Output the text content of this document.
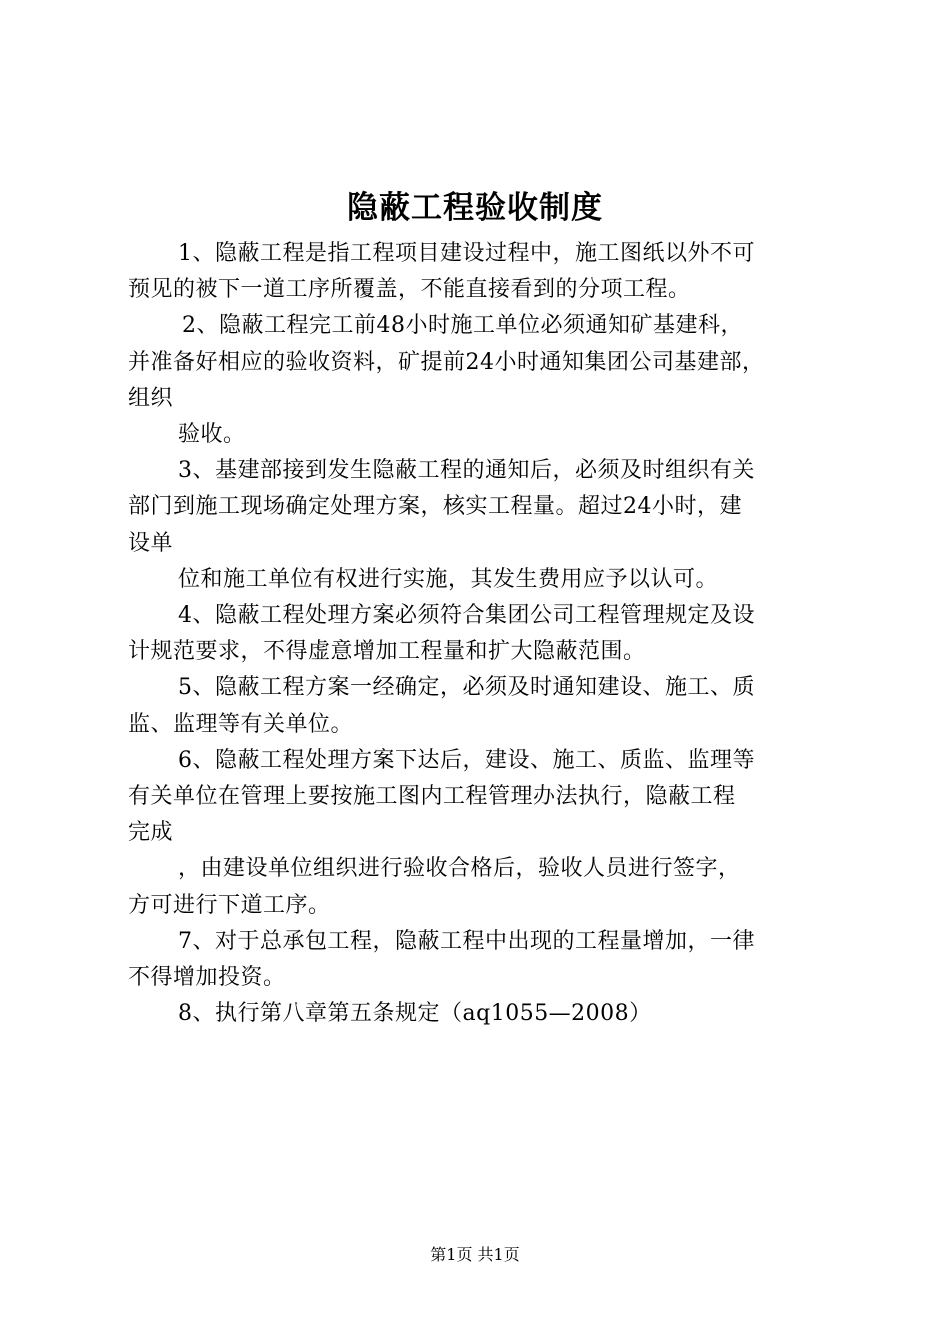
隐蔽工程验收制度
1、隐蔽工程是指工程项目建设过程中，施工图纸以外不可
预见的被下一道工序所覆盖，不能直接看到的分项工程。
2、隐蔽工程完工前48小时施工单位必须通知矿基建科，
并准备好相应的验收资料，矿提前24小时通知集团公司基建部，
组织
验收。
3、基建部接到发生隐蔽工程的通知后，必须及时组织有关
部门到施工现场确定处理方案，核实工程量。超过24小时，建
设单
位和施工单位有权进行实施，其发生费用应予以认可。
4、隐蔽工程处理方案必须符合集团公司工程管理规定及设
计规范要求，不得虚意增加工程量和扩大隐蔽范围。
5、隐蔽工程方案一经确定，必须及时通知建设、施工、质
监、监理等有关单位。
6、隐蔽工程处理方案下达后，建设、施工、质监、监理等
有关单位在管理上要按施工图内工程管理办法执行，隐蔽工程
完成
，由建设单位组织进行验收合格后，验收人员进行签字，
方可进行下道工序。
7、对于总承包工程，隐蔽工程中出现的工程量增加，一律
不得增加投资。
8、执行第八章第五条规定（aq1055—2008）
第1页 共1页
